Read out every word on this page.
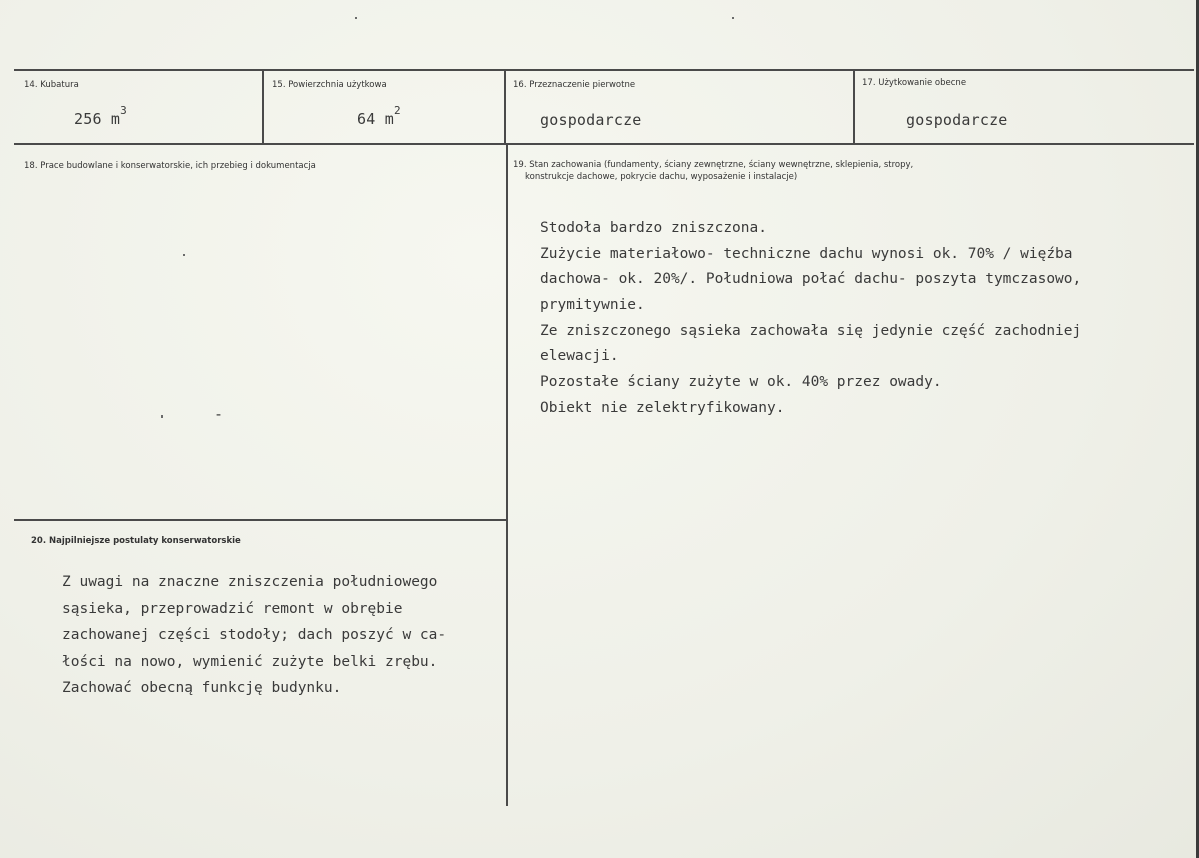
14. Kubatura
256 $m^3$
15. Powierzchnia użytkowa
64 $m^2$
16. Przeznaczenie pierwotne
gospodarcze
17. Użytkowanie obecne
gospodarcze
18. Prace budowlane i konserwatorskie, ich przebieg i dokumentacja
-
19. Stan zachowania (fundamenty, ściany zewnętrzne, ściany wewnętrzne, sklepienia, stropy,
konstrukcje dachowe, pokrycie dachu, wyposażenie i instalacje)
Stodoła bardzo zniszczona.
Zużycie materiałowo- techniczne dachu wynosi ok. 70% / więźba
dachowa- ok. 20%/. Południowa połać dachu- poszyta tymczasowo,
prymitywnie.
Ze zniszczonego sąsieka zachowała się jedynie część zachodniej
elewacji.
Pozostałe ściany zużyte w ok. 40% przez owady.
Obiekt nie zelektryfikowany.
20. Najpilniejsze postulaty konserwatorskie
Z uwagi na znaczne zniszczenia południowego
sąsieka, przeprowadzić remont w obrębie
zachowanej części stodoły; dach poszyć w ca-
łości na nowo, wymienić zużyte belki zrębu.
Zachować obecną funkcję budynku.
